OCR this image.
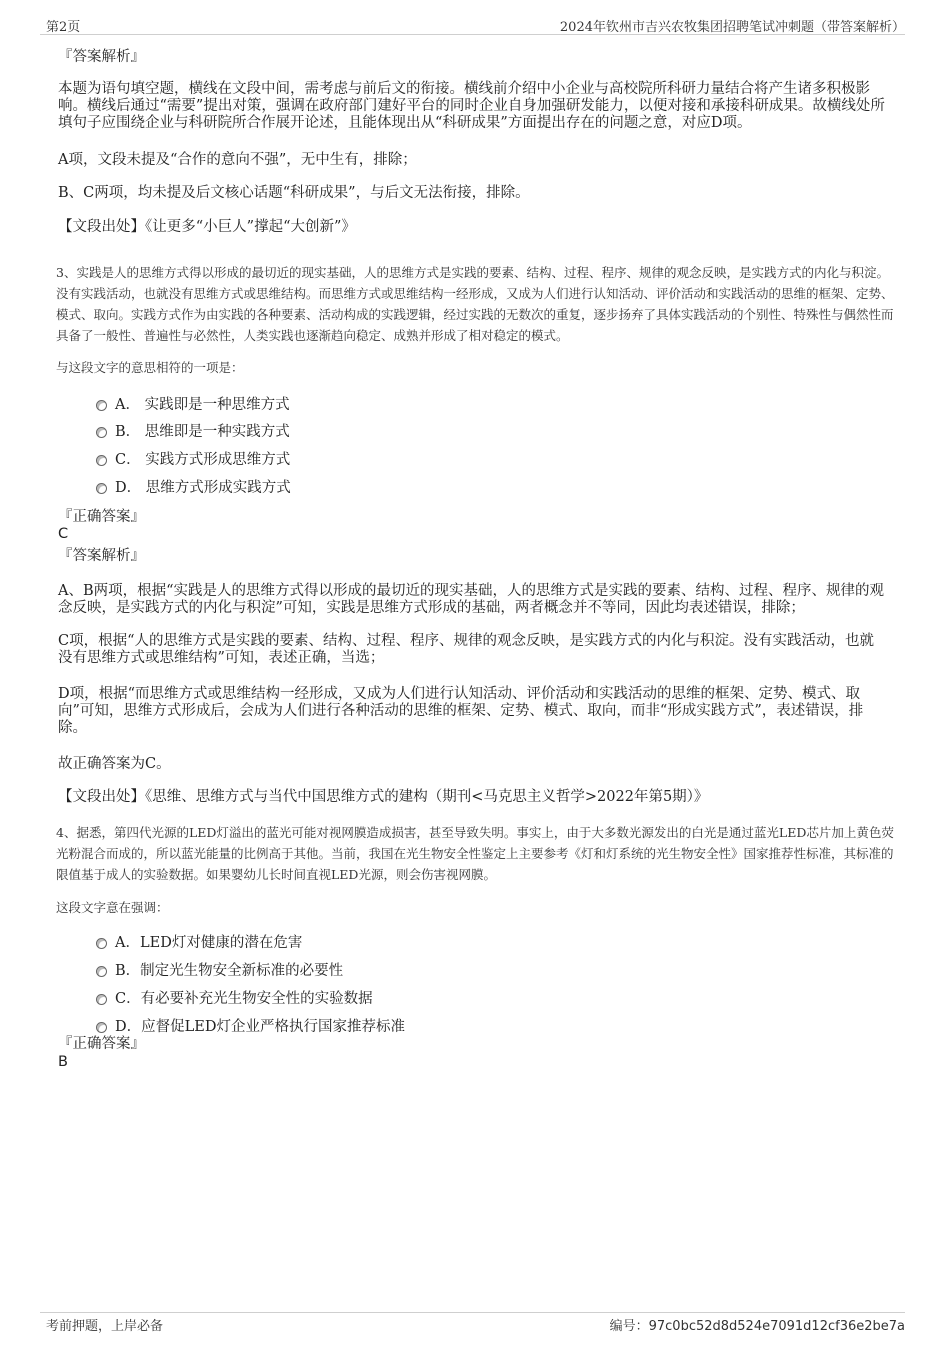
第2页	2024年钦州市吉兴农牧集团招聘笔试冲刺题（带答案解析）
『答案解析』

本题为语句填空题，横线在文段中间，需考虑与前后文的衔接。横线前介绍中小企业与高校院所科研力量结合将产生诸多积极影响。横线后通过“需要”提出对策，强调在政府部门建好平台的同时企业自身加强研发能力，以便对接和承接科研成果。故横线处所填句子应围绕企业与科研院所合作展开论述，且能体现出从“科研成果”方面提出存在的问题之意，对应D项。

A项，文段未提及“合作的意向不强”，无中生有，排除；

B、C两项，均未提及后文核心话题“科研成果”，与后文无法衔接，排除。

【文段出处】《让更多“小巨人”撑起“大创新”》

3、实践是人的思维方式得以形成的最切近的现实基础，人的思维方式是实践的要素、结构、过程、程序、规律的观念反映，是实践方式的内化与积淀。没有实践活动，也就没有思维方式或思维结构。而思维方式或思维结构一经形成，又成为人们进行认知活动、评价活动和实践活动的思维的框架、定势、模式、取向。实践方式作为由实践的各种要素、活动构成的实践逻辑，经过实践的无数次的重复，逐步扬弃了具体实践活动的个别性、特殊性与偶然性而具备了一般性、普遍性与必然性，人类实践也逐渐趋向稳定、成熟并形成了相对稳定的模式。

与这段文字的意思相符的一项是：

A．
实践即是一种思维方式
B．
思维即是一种实践方式
C．
实践方式形成思维方式
D．
思维方式形成实践方式
『正确答案』
C
『答案解析』

A、B两项，根据“实践是人的思维方式得以形成的最切近的现实基础，人的思维方式是实践的要素、结构、过程、程序、规律的观念反映，是实践方式的内化与积淀”可知，实践是思维方式形成的基础，两者概念并不等同，因此均表述错误，排除；

C项，根据“人的思维方式是实践的要素、结构、过程、程序、规律的观念反映，是实践方式的内化与积淀。没有实践活动，也就没有思维方式或思维结构”可知，表述正确，当选；

D项，根据“而思维方式或思维结构一经形成，又成为人们进行认知活动、评价活动和实践活动的思维的框架、定势、模式、取向”可知，思维方式形成后，会成为人们进行各种活动的思维的框架、定势、模式、取向，而非“形成实践方式”，表述错误，排除。

故正确答案为C。

【文段出处】《思维、思维方式与当代中国思维方式的建构（期刊<马克思主义哲学>2022年第5期）》

4、据悉，第四代光源的LED灯溢出的蓝光可能对视网膜造成损害，甚至导致失明。事实上，由于大多数光源发出的白光是通过蓝光LED芯片加上黄色荧光粉混合而成的，所以蓝光能量的比例高于其他。当前，我国在光生物安全性鉴定上主要参考《灯和灯系统的光生物安全性》国家推荐性标准，其标准的限值基于成人的实验数据。如果婴幼儿长时间直视LED光源，则会伤害视网膜。

这段文字意在强调：

A． LED灯对健康的潜在危害
B． 制定光生物安全新标准的必要性
C． 有必要补充光生物安全性的实验数据
D． 应督促LED灯企业严格执行国家推荐标准
『正确答案』
B
考前押题，上岸必备	编号：97c0bc52d8d524e7091d12cf36e2be7a
